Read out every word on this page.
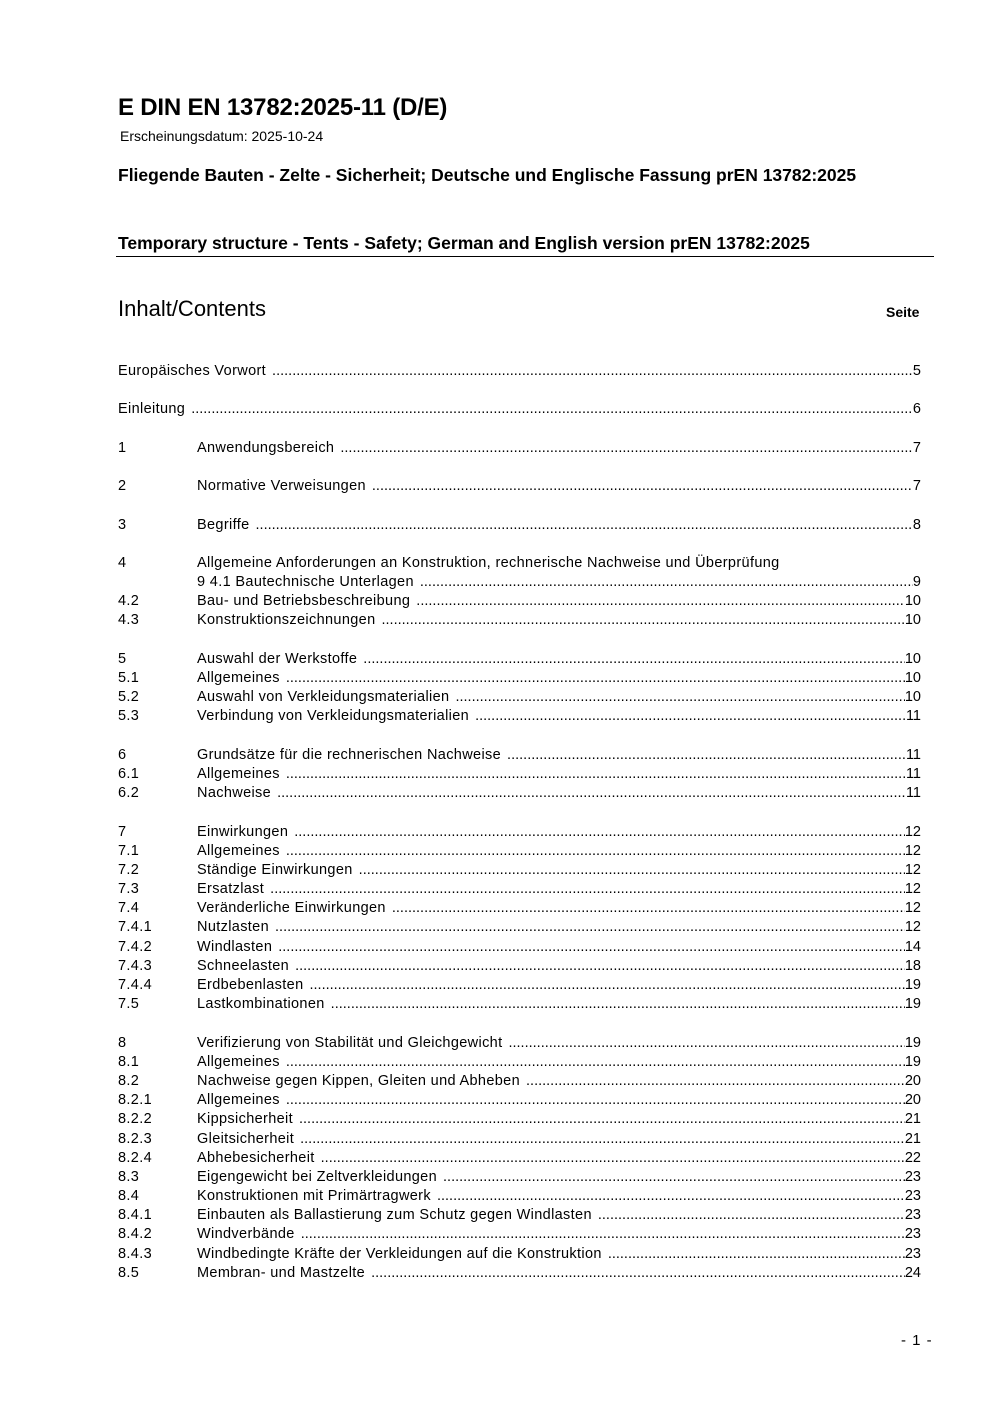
E DIN EN 13782:2025-11 (D/E)
Erscheinungsdatum: 2025-10-24
Fliegende Bauten - Zelte - Sicherheit; Deutsche und Englische Fassung prEN 13782:2025
Temporary structure - Tents - Safety; German and English version prEN 13782:2025
Inhalt/Contents	Seite
Europäisches Vorwort .....	5
Einleitung .....	6
1	Anwendungsbereich .....	7
2	Normative Verweisungen .....	7
3	Begriffe .....	8
4	Allgemeine Anforderungen an Konstruktion, rechnerische Nachweise und Überprüfung
9 4.1 Bautechnische Unterlagen .....	9
4.2	Bau- und Betriebsbeschreibung .....	10
4.3	Konstruktionszeichnungen .....	10
5	Auswahl der Werkstoffe .....	10
5.1	Allgemeines .....	10
5.2	Auswahl von Verkleidungsmaterialien .....	10
5.3	Verbindung von Verkleidungsmaterialien .....	11
6	Grundsätze für die rechnerischen Nachweise .....	11
6.1	Allgemeines .....	11
6.2	Nachweise .....	11
7	Einwirkungen .....	12
7.1	Allgemeines .....	12
7.2	Ständige Einwirkungen .....	12
7.3	Ersatzlast .....	12
7.4	Veränderliche Einwirkungen .....	12
7.4.1	Nutzlasten .....	12
7.4.2	Windlasten .....	14
7.4.3	Schneelasten .....	18
7.4.4	Erdbebenlasten .....	19
7.5	Lastkombinationen .....	19
8	Verifizierung von Stabilität und Gleichgewicht .....	19
8.1	Allgemeines .....	19
8.2	Nachweise gegen Kippen, Gleiten und Abheben .....	20
8.2.1	Allgemeines .....	20
8.2.2	Kippsicherheit .....	21
8.2.3	Gleitsicherheit .....	21
8.2.4	Abhebesicherheit .....	22
8.3	Eigengewicht bei Zeltverkleidungen .....	23
8.4	Konstruktionen mit Primärtragwerk .....	23
8.4.1	Einbauten als Ballastierung zum Schutz gegen Windlasten .....	23
8.4.2	Windverbände .....	23
8.4.3	Windbedingte Kräfte der Verkleidungen auf die Konstruktion .....	23
8.5	Membran- und Mastzelte .....	24
- 1 -
